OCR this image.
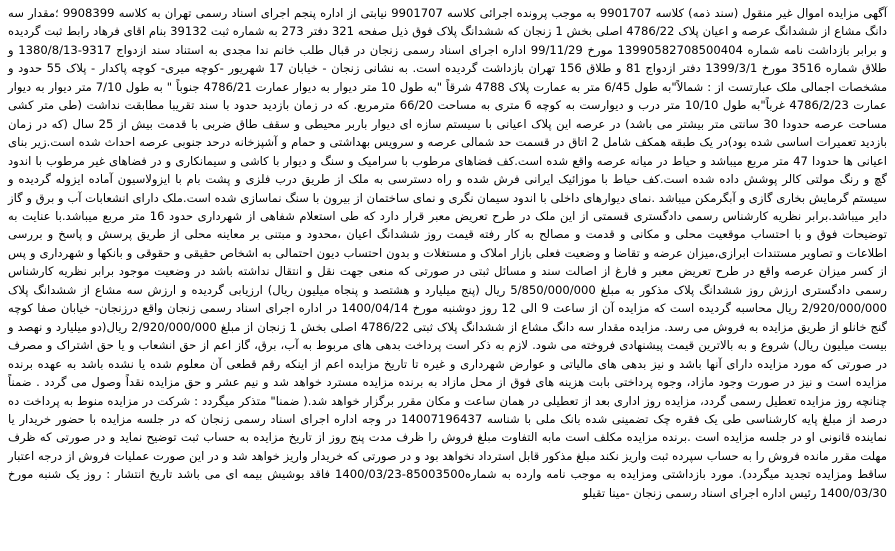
آگهی مزایده اموال غیر منقول (سند ذمه) کلاسه 9901707 به موجب پرونده اجرائی کلاسه 9901707 نیابتی از اداره پنجم اجرای اسناد رسمی تهران به کلاسه 9908399 ؛مقدار سه دانگ مشاع از ششدانگ عرصه و اعیان پلاک 4786/22 اصلی بخش 1 زنجان که ششدانگ پلاک فوق ذیل صفحه 321 دفتر 273 به شماره ثبت 39132 بنام اقای فرهاد رابط ثبت گردیده و برابر بازداشت نامه شماره 13990582708500404 مورخ 99/11/29 اداره اجرای اسناد رسمی زنجان در قبال طلب خانم ندا مجدی به استناد سند ازدواج 9317-1380/8/13 و طلاق شماره 3516 مورخ 1399/3/1 دفتر ازدواج 81 و طلاق 156 تهران بازداشت گردیده است. به نشانی زنجان - خیابان 17 شهریور -کوچه میری- کوچه پاکدار - پلاک 55 حدود و مشخصات اجمالی ملک عبارتست از : شمالاً"به طول 6/45 متر به عمارت پلاک 4788 شرقاً "به طول 10 متر دیوار به دیوار عمارت 4786/21 جنوباً " به طول 7/10 متر دیوار به دیوار عمارت 4786/2/23 غرباً"به طول 10/10 متر درب و دیوارست به کوچه 6 متری به مساحت 66/20 مترمربع. که در زمان بازدید حدود با سند تقریبا مطابقت نداشت (طی متر کشی مساحت عرصه حدودا 30 سانتی متر بیشتر می باشد) در عرصه این پلاک اعیانی با سیستم سازه ای دیوار باربر محیطی و سقف طاق ضربی با قدمت بیش از 25 سال (که در زمان بازدید تعمیرات اساسی شده بود)در یک طبقه همکف شامل 2 اتاق در قسمت حد شمالی عرصه و سرویس بهداشتی و حمام و آشپزخانه درحد جنوبی عرصه احداث شده است.زیر بنای اعیانی ها حدودا 47 متر مربع میباشد و حیاط در میانه عرصه واقع شده است.کف فضاهای مرطوب با سرامیک و سنگ و دیوار با کاشی و سیمانکاری و در فضاهای غیر مرطوب با اندود گچ و رنگ مولتی کالر پوشش داده شده است.کف حیاط با موزائیک ایرانی فرش شده و راه دسترسی به ملک از طریق درب فلزی و پشت بام با ایزولاسیون آماده ایزوله گردیده و سیستم گرمایش بخاری گازی و آبگرمکن میباشد .نمای دیوارهای داخلی با اندود سیمان نگری و نمای ساختمان از بیرون با سنگ نماسازی شده است.ملک دارای انشعابات آب و برق و گاز دایر میباشد.برابر نظریه کارشناس رسمی دادگستری قسمتی از این ملک در طرح تعریض معبر قرار دارد که طی استعلام شفاهی از شهرداری حدود 16 متر مربع میباشد.با عنایت به توضیحات فوق و با احتساب موقعیت محلی و مکانی و قدمت و مصالح به کار رفته قیمت روز ششدانگ اعیان ،محدود و مبتنی بر معاینه محلی از طریق پرسش و پاسخ و بررسی اطلاعات و تصاویر مستندات ابرازی،میزان عرضه و تقاضا و وضعیت فعلی بازار املاک و مستغلات و بدون احتساب دیون احتمالی به اشخاص حقیقی و حقوقی و بانکها و شهرداری و پس از کسر میزان عرصه واقع در طرح تعریض معبر و فارغ از اصالت سند و مسائل ثبتی در صورتی که منعی جهت نقل و انتقال نداشته باشد در وضعیت موجود برابر نظریه کارشناس رسمی دادگستری ارزش روز ششدانگ پلاک مذکور به مبلغ 5/850/000/000 ریال (پنج میلیارد و هشتصد و پنجاه میلیون ریال) ارزیابی گردیده و ارزش سه مشاع از ششدانگ پلاک 2/920/000/000 ریال محاسبه گردیده است که مزایده آن از ساعت 9 الی 12 روز دوشنبه مورخ 1400/04/14 در اداره اجرای اسناد رسمی زنجان واقع درزنجان- خیابان صفا کوچه گنج خانلو از طریق مزایده به فروش می رسد. مزایده مقدار سه دانگ مشاع از ششدانگ پلاک ثبتی 4786/22 اصلی بخش 1 زنجان از مبلغ 2/920/000/000 ریال(دو میلیارد و نهصد و بیست میلیون ریال) شروع و به بالاترین قیمت پیشنهادی فروخته می شود. لازم به ذکر است پرداخت بدهی های مربوط به آب، برق، گاز اعم از حق انشعاب و یا حق اشتراک و مصرف در صورتی که مورد مزایده دارای آنها باشد و نیز بدهی های مالیاتی و عوارض شهرداری و غیره تا تاریخ مزایده اعم از اینکه رقم قطعی آن معلوم شده یا نشده باشد به عهده برنده مزایده است و نیز در صورت وجود مازاد، وجوه پرداختی بابت هزینه های فوق از محل مازاد به برنده مزایده مسترد خواهد شد و نیم عشر و حق مزایده نقداً وصول می گردد . ضمناً چنانچه روز مزایده تعطیل رسمی گردد، مزایده روز اداری بعد از تعطیلی در همان ساعت و مکان مقرر برگزار خواهد شد.( ضمنا" متذکر میگردد : شرکت در مزایده منوط به پرداخت ده درصد از مبلغ پایه کارشناسی طی یک فقره چک تضمینی شده بانک ملی با شناسه 14007196437 در وجه اداره اجرای اسناد رسمی زنجان که در جلسه مزایده با حضور خریدار یا نماینده قانونی او در جلسه مزایده است .برنده مزایده مکلف است مابه التفاوت مبلغ فروش را ظرف مدت پنج روز از تاریخ مزایده به حساب ثبت توضیح نماید و در صورتی که ظرف مهلت مقرر مانده فروش را به حساب سپرده ثبت واریز نکند مبلغ مذکور قابل استرداد نخواهد بود و در صورتی که خریدار واریز خواهد شد و در این صورت عملیات فروش از درجه اعتبار ساقط ومزایده تجدید میگردد). مورد بازداشتی ومزایده به موجب نامه وارده به شماره85003500-1400/03/23 فاقد بوشیش بیمه ای می باشد تاریخ انتشار : روز یک شنبه مورخ 1400/03/30 رئیس اداره اجرای اسناد رسمی زنجان -مینا تقیلو
